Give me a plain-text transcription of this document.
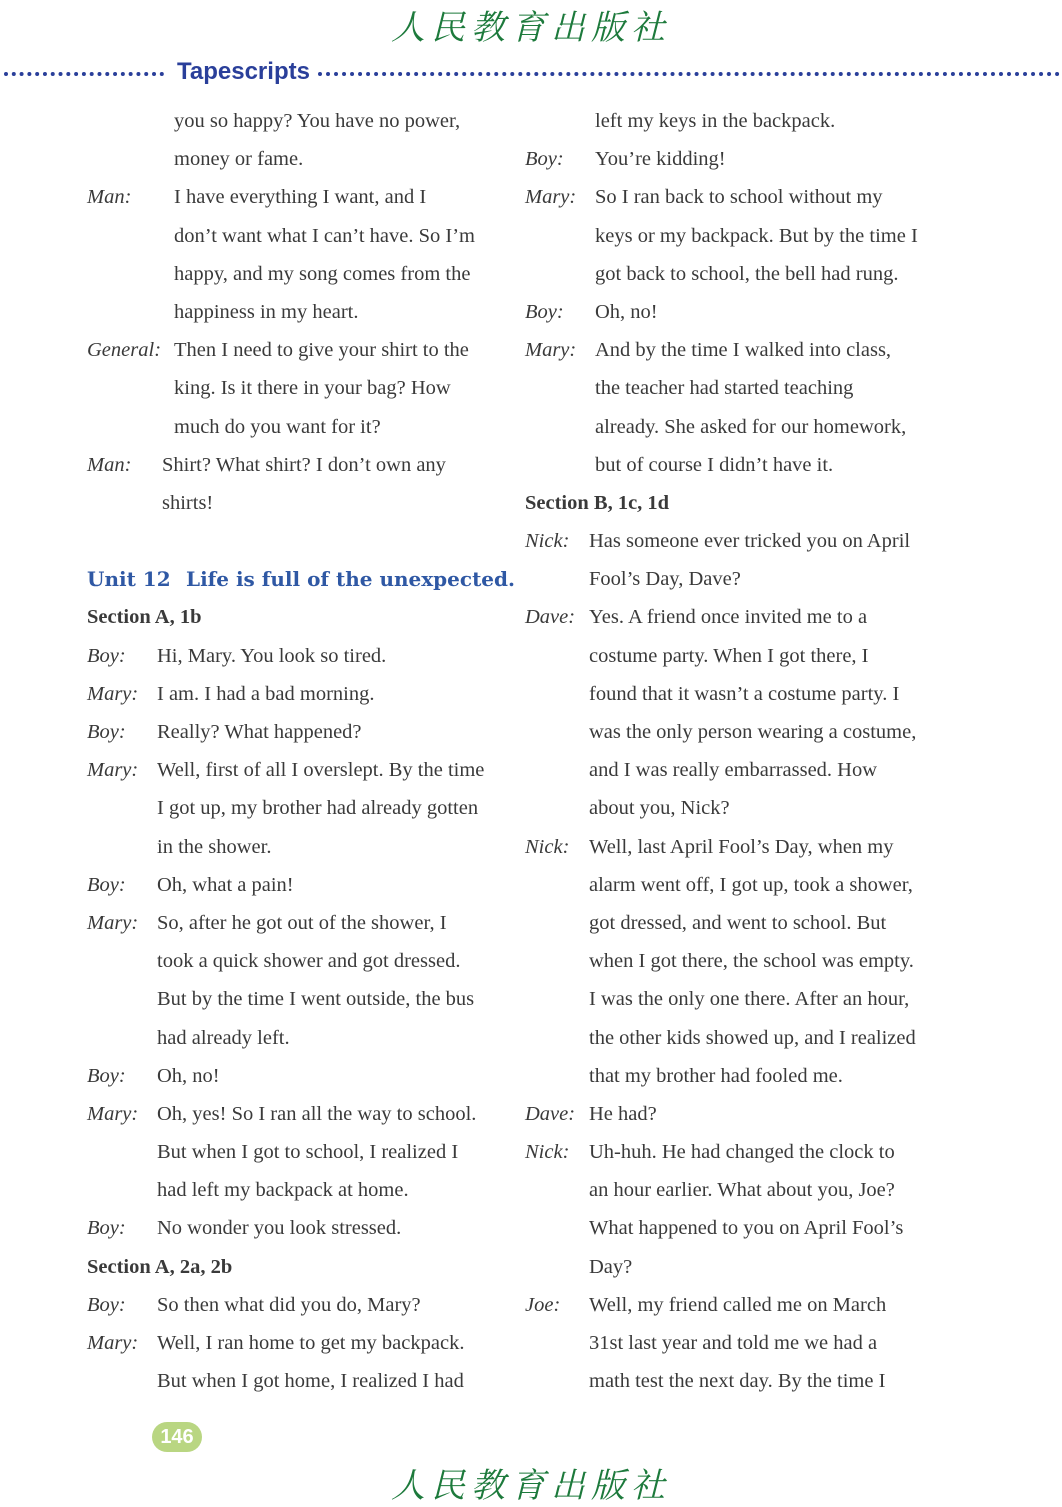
人民教育出版社
Tapescripts
you so happy? You have no power,
money or fame.
Man: I have everything I want, and I
don’t want what I can’t have. So I’m
happy, and my song comes from the
happiness in my heart.
General: Then I need to give your shirt to the
king. Is it there in your bag? How
much do you want for it?
Man: Shirt? What shirt? I don’t own any
shirts!
Unit 12 Life is full of the unexpected.
Section A, 1b
Boy: Hi, Mary. You look so tired.
Mary: I am. I had a bad morning.
Boy: Really? What happened?
Mary: Well, first of all I overslept. By the time
I got up, my brother had already gotten
in the shower.
Boy: Oh, what a pain!
Mary: So, after he got out of the shower, I
took a quick shower and got dressed.
But by the time I went outside, the bus
had already left.
Boy: Oh, no!
Mary: Oh, yes! So I ran all the way to school.
But when I got to school, I realized I
had left my backpack at home.
Boy: No wonder you look stressed.
Section A, 2a, 2b
Boy: So then what did you do, Mary?
Mary: Well, I ran home to get my backpack.
But when I got home, I realized I had
left my keys in the backpack.
Boy: You’re kidding!
Mary: So I ran back to school without my
keys or my backpack. But by the time I
got back to school, the bell had rung.
Boy: Oh, no!
Mary: And by the time I walked into class,
the teacher had started teaching
already. She asked for our homework,
but of course I didn’t have it.
Section B, 1c, 1d
Nick: Has someone ever tricked you on April
Fool’s Day, Dave?
Dave: Yes. A friend once invited me to a
costume party. When I got there, I
found that it wasn’t a costume party. I
was the only person wearing a costume,
and I was really embarrassed. How
about you, Nick?
Nick: Well, last April Fool’s Day, when my
alarm went off, I got up, took a shower,
got dressed, and went to school. But
when I got there, the school was empty.
I was the only one there. After an hour,
the other kids showed up, and I realized
that my brother had fooled me.
Dave: He had?
Nick: Uh-huh. He had changed the clock to
an hour earlier. What about you, Joe?
What happened to you on April Fool’s
Day?
Joe: Well, my friend called me on March
31st last year and told me we had a
math test the next day. By the time I
146
人民教育出版社
